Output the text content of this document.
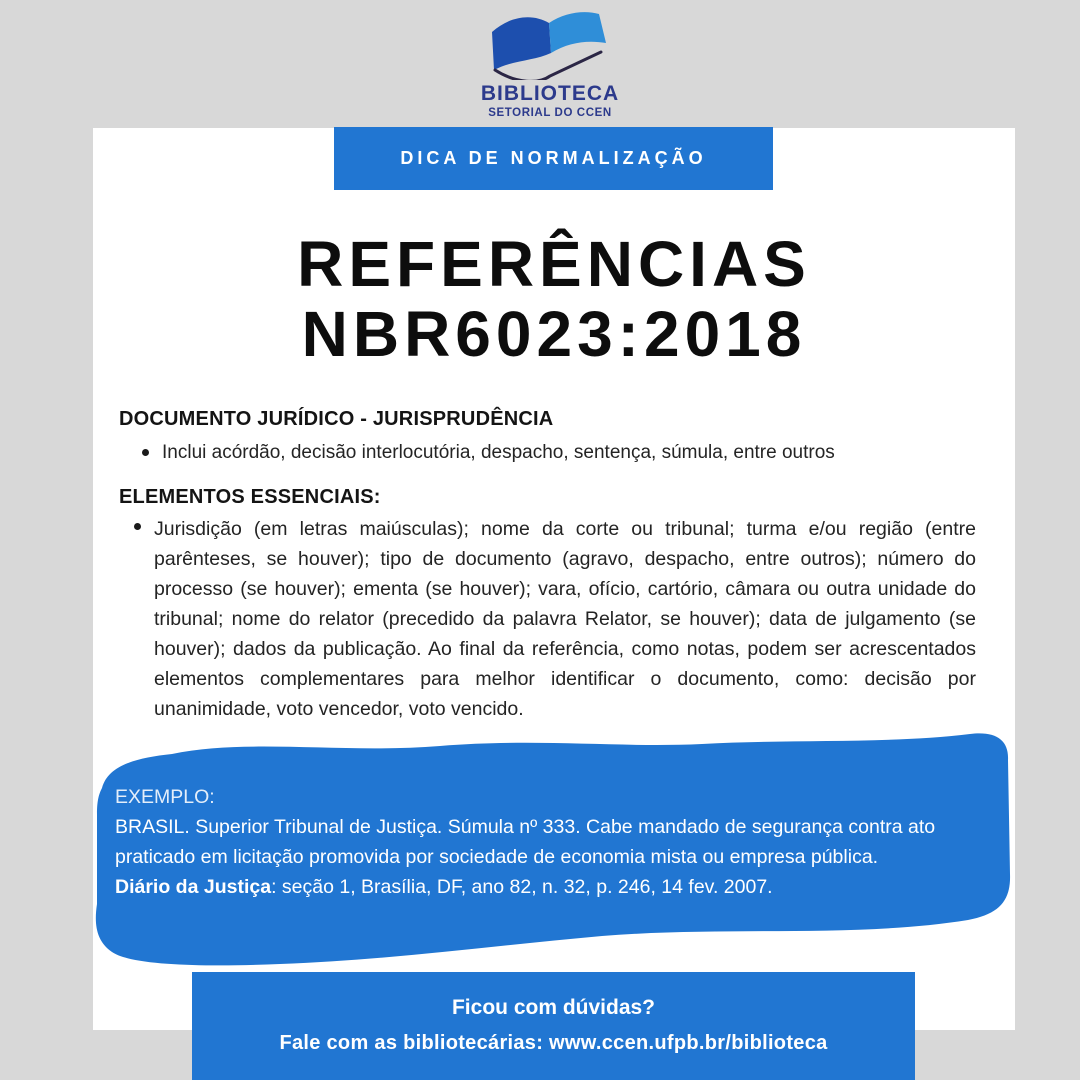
BIBLIOTECA
SETORIAL DO CCEN
DICA DE NORMALIZAÇÃO
REFERÊNCIAS
NBR6023:2018
DOCUMENTO JURÍDICO - JURISPRUDÊNCIA
Inclui acórdão, decisão interlocutória, despacho, sentença, súmula, entre outros
ELEMENTOS ESSENCIAIS:
Jurisdição (em letras maiúsculas); nome da corte ou tribunal; turma e/ou região (entre parênteses, se houver); tipo de documento (agravo, despacho, entre outros); número do processo (se houver); ementa (se houver); vara, ofício, cartório, câmara ou outra unidade do tribunal; nome do relator (precedido da palavra Relator, se houver); data de julgamento (se houver); dados da publicação. Ao final da referência, como notas, podem ser acrescentados elementos complementares para melhor identificar o documento, como: decisão por unanimidade, voto vencedor, voto vencido.
EXEMPLO:
BRASIL. Superior Tribunal de Justiça. Súmula nº 333. Cabe mandado de segurança contra ato praticado em licitação promovida por sociedade de economia mista ou empresa pública.
Diário da Justiça: seção 1, Brasília, DF, ano 82, n. 32, p. 246, 14 fev. 2007.
Ficou com dúvidas?
Fale com as bibliotecárias: www.ccen.ufpb.br/biblioteca
